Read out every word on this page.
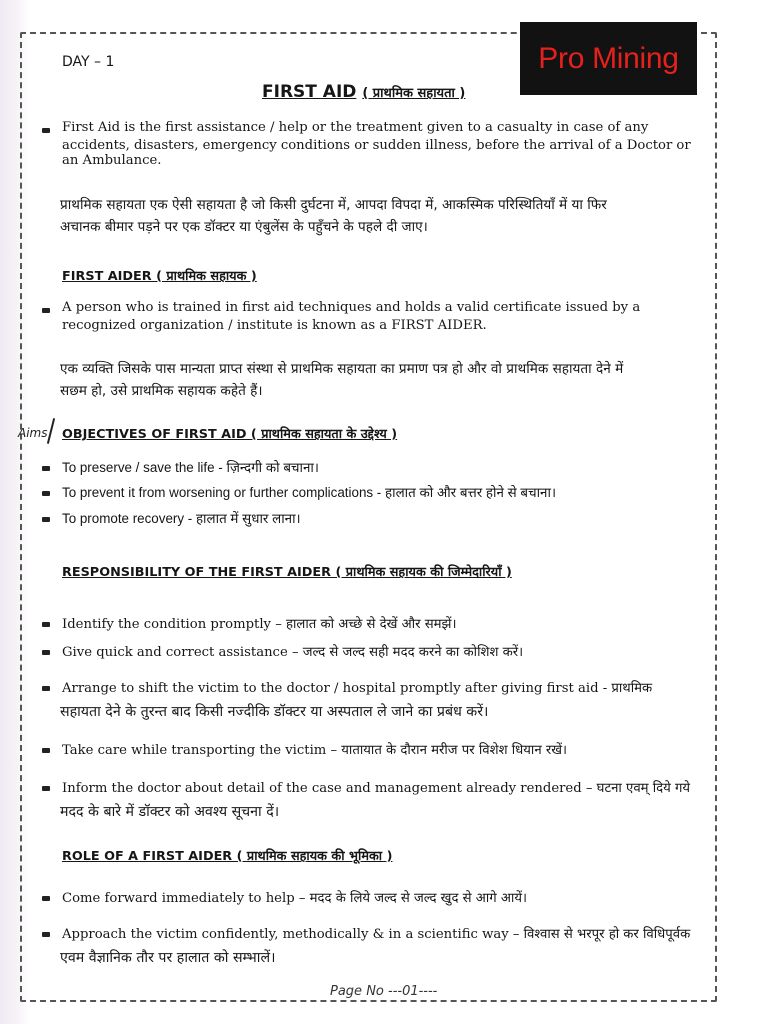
Pro Mining
DAY – 1
FIRST AID ( प्राथमिक सहायता )
First Aid is the first assistance / help or the treatment given to a casualty in case of any
accidents, disasters, emergency conditions or sudden illness, before the arrival of a Doctor or
an Ambulance.
प्राथमिक सहायता एक ऐसी सहायता है जो किसी दुर्घटना में, आपदा विपदा में, आकस्मिक परिस्थितियाँ में या फिर
अचानक बीमार पड़ने पर एक डॉक्टर या एंबुलेंस के पहुँचने के पहले दी जाए।
FIRST AIDER ( प्राथमिक सहायक )
A person who is trained in first aid techniques and holds a valid certificate issued by a
recognized organization / institute is known as a FIRST AIDER.
एक व्यक्ति जिसके पास मान्यता प्राप्त संस्था से प्राथमिक सहायता का प्रमाण पत्र हो और वो प्राथमिक सहायता देने में
सछम हो, उसे प्राथमिक सहायक कहेते हैं।
Aims OBJECTIVES OF FIRST AID ( प्राथमिक सहायता के उद्देश्य )
To preserve / save the life - ज़िन्दगी को बचाना।
To prevent it from worsening or further complications - हालात को और बत्तर होने से बचाना।
To promote recovery - हालात में सुधार लाना।
RESPONSIBILITY OF THE FIRST AIDER ( प्राथमिक सहायक की जिम्मेदारियाँ )
Identify the condition promptly – हालात को अच्छे से देखें और समझें।
Give quick and correct assistance – जल्द से जल्द सही मदद करने का कोशिश करें।
Arrange to shift the victim to the doctor / hospital promptly after giving first aid - प्राथमिक
सहायता देने के तुरन्त बाद किसी नज्दीकि डॉक्टर या अस्पताल ले जाने का प्रबंध करें।
Take care while transporting the victim – यातायात के दौरान मरीज पर विशेश धियान रखें।
Inform the doctor about detail of the case and management already rendered – घटना एवम् दिये गये
मदद के बारे में डॉक्टर को अवश्य सूचना दें।
ROLE OF A FIRST AIDER ( प्राथमिक सहायक की भूमिका )
Come forward immediately to help – मदद के लिये जल्द से जल्द खुद से आगे आयें।
Approach the victim confidently, methodically & in a scientific way – विश्वास से भरपूर हो कर विधिपूर्वक
एवम वैज्ञानिक तौर पर हालात को सम्भालें।
Page No ---01----
